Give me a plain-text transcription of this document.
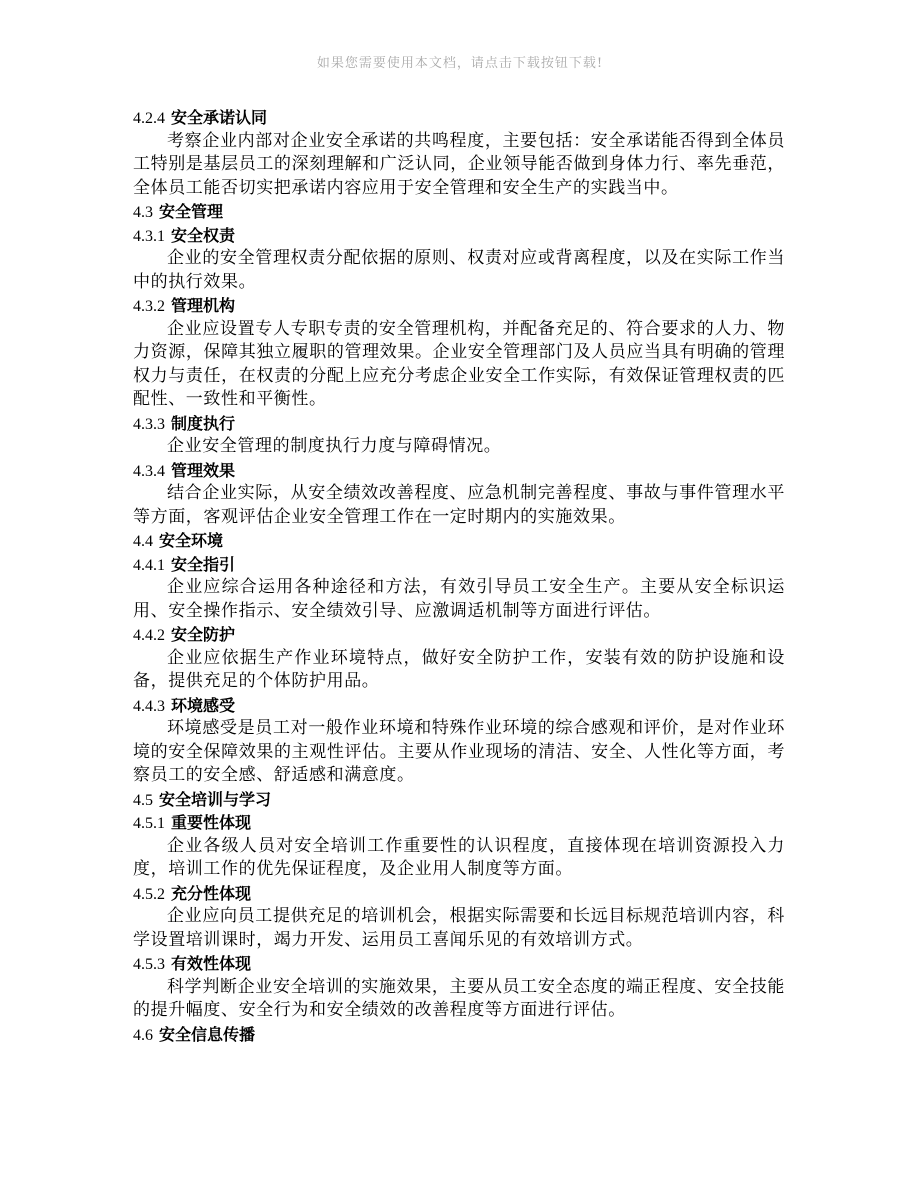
如果您需要使用本文档，请点击下载按钮下载!
4.2.4 安全承诺认同
考察企业内部对企业安全承诺的共鸣程度，主要包括：安全承诺能否得到全体员工特别是基层员工的深刻理解和广泛认同，企业领导能否做到身体力行、率先垂范，全体员工能否切实把承诺内容应用于安全管理和安全生产的实践当中。
4.3 安全管理
4.3.1 安全权责
企业的安全管理权责分配依据的原则、权责对应或背离程度，以及在实际工作当中的执行效果。
4.3.2 管理机构
企业应设置专人专职专责的安全管理机构，并配备充足的、符合要求的人力、物力资源，保障其独立履职的管理效果。企业安全管理部门及人员应当具有明确的管理权力与责任，在权责的分配上应充分考虑企业安全工作实际，有效保证管理权责的匹配性、一致性和平衡性。
4.3.3 制度执行
企业安全管理的制度执行力度与障碍情况。
4.3.4 管理效果
结合企业实际，从安全绩效改善程度、应急机制完善程度、事故与事件管理水平等方面，客观评估企业安全管理工作在一定时期内的实施效果。
4.4 安全环境
4.4.1 安全指引
企业应综合运用各种途径和方法，有效引导员工安全生产。主要从安全标识运用、安全操作指示、安全绩效引导、应激调适机制等方面进行评估。
4.4.2 安全防护
企业应依据生产作业环境特点，做好安全防护工作，安装有效的防护设施和设备，提供充足的个体防护用品。
4.4.3 环境感受
环境感受是员工对一般作业环境和特殊作业环境的综合感观和评价，是对作业环境的安全保障效果的主观性评估。主要从作业现场的清洁、安全、人性化等方面，考察员工的安全感、舒适感和满意度。
4.5 安全培训与学习
4.5.1 重要性体现
企业各级人员对安全培训工作重要性的认识程度，直接体现在培训资源投入力度，培训工作的优先保证程度，及企业用人制度等方面。
4.5.2 充分性体现
企业应向员工提供充足的培训机会，根据实际需要和长远目标规范培训内容，科学设置培训课时，竭力开发、运用员工喜闻乐见的有效培训方式。
4.5.3 有效性体现
科学判断企业安全培训的实施效果，主要从员工安全态度的端正程度、安全技能的提升幅度、安全行为和安全绩效的改善程度等方面进行评估。
4.6 安全信息传播
